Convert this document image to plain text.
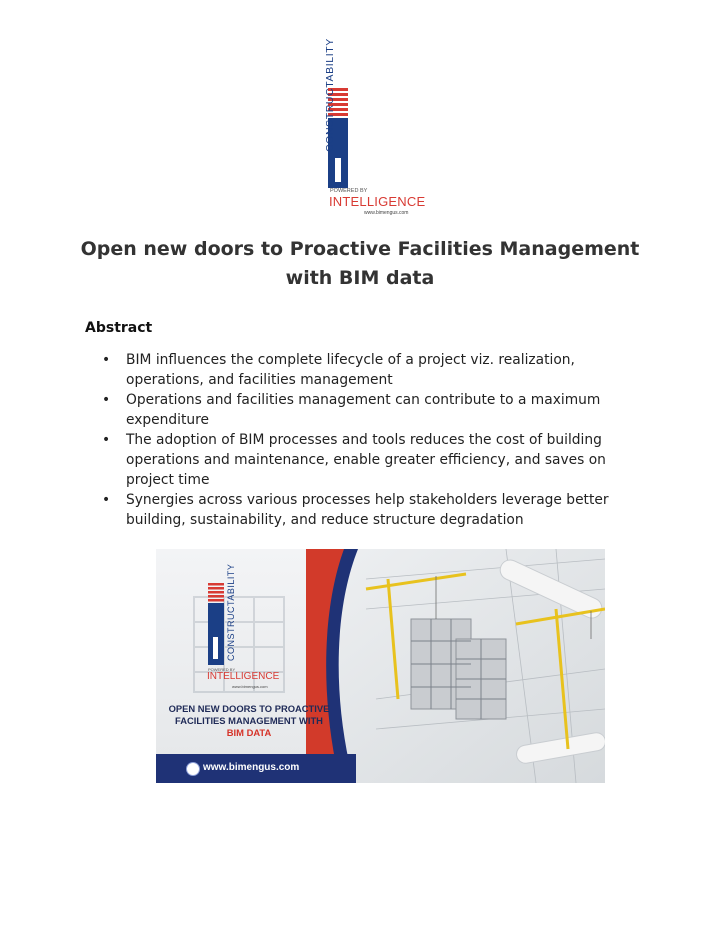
CONSTRUCTABILITY
POWERED BY
INTELLIGENCE
www.bimengus.com
Open new doors to Proactive Facilities Management
with BIM data
Abstract
• BIM influences the complete lifecycle of a project viz. realization,
operations, and facilities management
• Operations and facilities management can contribute to a maximum
expenditure
• The adoption of BIM processes and tools reduces the cost of building
operations and maintenance, enable greater efficiency, and saves on
project time
• Synergies across various processes help stakeholders leverage better
building, sustainability, and reduce structure degradation
CONSTRUCTABILITY
POWERED BY
INTELLIGENCE
www.bimengus.com
OPEN NEW DOORS TO PROACTIVE
FACILITIES MANAGEMENT WITH
BIM DATA
www.bimengus.com
